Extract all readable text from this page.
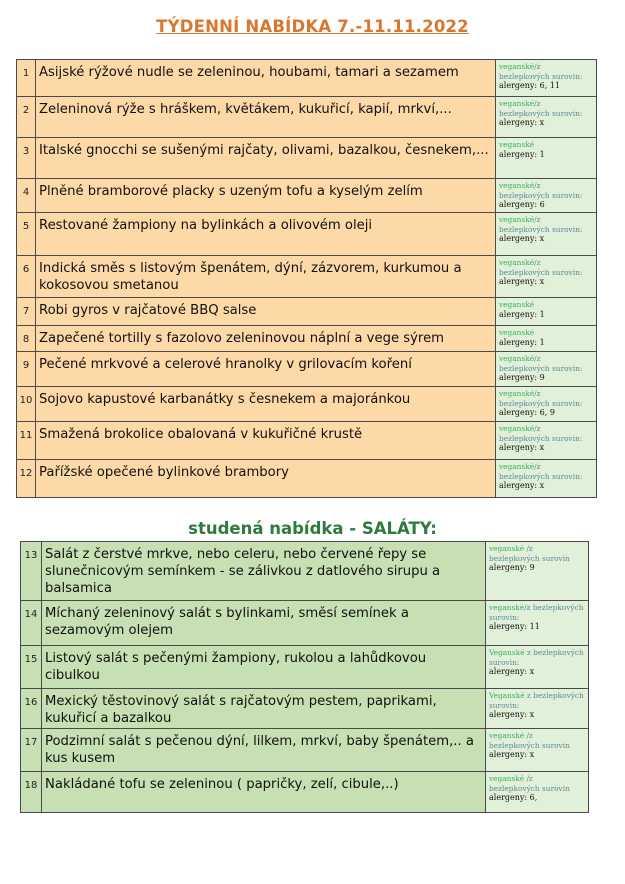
TÝDENNÍ NABÍDKA 7.-11.11.2022
1	Asijské rýžové nudle se zeleninou, houbami, tamari a sezamem	veganské/z bezlepkových surovin:
alergeny: 6, 11

2	Zeleninová rýže s hráškem, květákem, kukuřicí, kapií, mrkví,...	veganské/z bezlepkových surovin:
alergeny: x

3	Italské gnocchi se sušenými rajčaty, olivami, bazalkou, česnekem,...	veganské
alergeny: 1

4	Plněné bramborové placky s uzeným tofu a kyselým zelím	veganské/z bezlepkových surovin:
alergeny: 6

5	Restované žampiony na bylinkách a olivovém oleji	veganské/z bezlepkových surovin:
alergeny: x

6	Indická směs s listovým špenátem, dýní, zázvorem, kurkumou a kokosovou smetanou	veganské/z bezlepkových surovin:
alergeny: x

7	Robi gyros v rajčatové BBQ salse	veganské
alergeny: 1

8	Zapečené tortilly s fazolovo zeleninovou náplní a vege sýrem	veganské
alergeny: 1

9	Pečené mrkvové a celerové hranolky v grilovacím koření	veganské/z bezlepkových surovin:
alergeny: 9

10	Sojovo kapustové karbanátky s česnekem a majoránkou	veganské/z bezlepkových surovin:
alergeny: 6, 9

11	Smažená brokolice obalovaná v kukuřičné krustě	veganské/z bezlepkových surovin:
alergeny: x

12	Pařížské opečené bylinkové brambory	veganské/z bezlepkových surovin:
alergeny: x
studená nabídka - SALÁTY:
13	Salát z čerstvé mrkve, nebo celeru, nebo červené řepy se slunečnicovým semínkem - se zálivkou z datlového sirupu a balsamica	veganské /z bezlepkových surovin
alergeny: 9

14	Míchaný zeleninový salát s bylinkami, směsí semínek a sezamovým olejem	veganské/z bezlepkových surovin:
alergeny: 11

15	Listový salát s pečenými žampiony, rukolou a lahůdkovou cibulkou	Veganské z bezlepkových surovin:
alergeny: x

16	Mexický těstovinový salát s rajčatovým pestem, paprikami, kukuřicí a bazalkou	Veganské z bezlepkových surovin:
alergeny: x

17	Podzimní salát s pečenou dýní, lilkem, mrkví, baby špenátem,.. a kus kusem	veganské /z bezlepkových surovin
alergeny: x

18	Nakládané tofu se zeleninou ( papričky, zelí, cibule,..)	veganské /z bezlepkových surovin
alergeny: 6,
